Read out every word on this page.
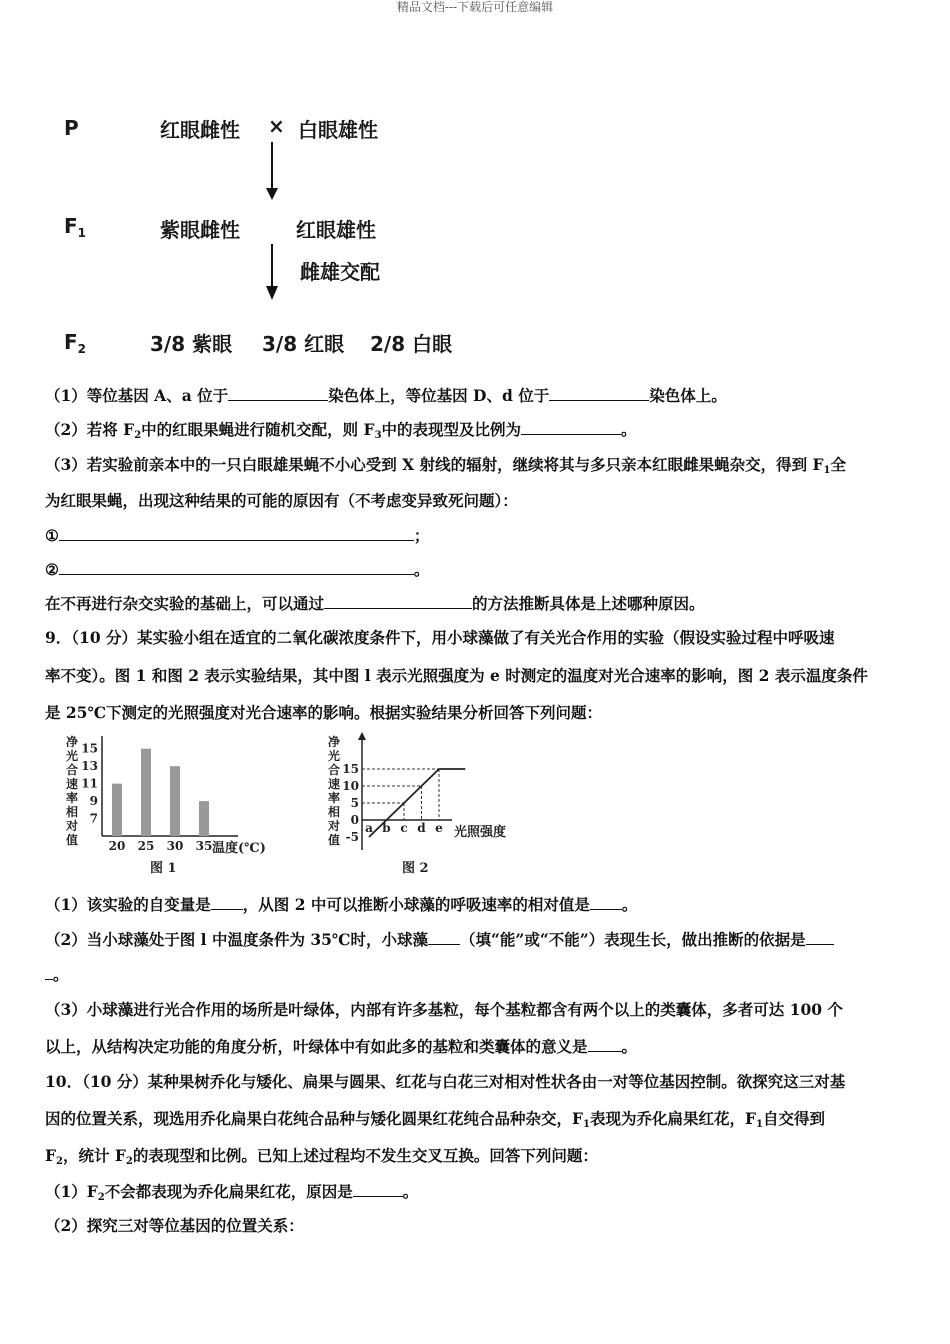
精品文档---下载后可任意编辑
P	红眼雌性 × 白眼雄性
$F_1$	紫眼雌性	红眼雄性
雌雄交配
$F_2$	3/8 紫眼 3/8 红眼 2/8 白眼
（1）等位基因 A、a 位于	染色体上，等位基因 D、d 位于	染色体上。
（2）若将 F2中的红眼果蝇进行随机交配，则 F3中的表现型及比例为	。
（3）若实验前亲本中的一只白眼雄果蝇不小心受到 X 射线的辐射，继续将其与多只亲本红眼雌果蝇杂交，得到 F1全
为红眼果蝇，出现这种结果的可能的原因有（不考虑变异致死问题）：
①	；
②	。
在不再进行杂交实验的基础上，可以通过	的方法推断具体是上述哪种原因。
9．（10 分）某实验小组在适宜的二氧化碳浓度条件下，用小球藻做了有关光合作用的实验（假设实验过程中呼吸速
率不变）。图 1 和图 2 表示实验结果，其中图 l 表示光照强度为 e 时测定的温度对光合速率的影响，图 2 表示温度条件
是 25℃下测定的光照强度对光合速率的影响。根据实验结果分析回答下列问题：
净
光
合
速
率
相
对
值
7
9
11
13
15
20 25 30 35 温度(℃)
图 1
净
光
合
速
率
相
对
值 -5
0
5
10
15
a b c d e 光照强度
图 2
（1）该实验的自变量是 ，从图 2 中可以推断小球藻的呼吸速率的相对值是 。
（2）当小球藻处于图 l 中温度条件为 35℃时，小球藻 （填“能”或“不能”）表现生长，做出推断的依据是
。
（3）小球藻进行光合作用的场所是叶绿体，内部有许多基粒，每个基粒都含有两个以上的类囊体，多者可达 100 个
以上，从结构决定功能的角度分析，叶绿体中有如此多的基粒和类囊体的意义是 。
10．（10 分）某种果树乔化与矮化、扁果与圆果、红花与白花三对相对性状各由一对等位基因控制。欲探究这三对基
因的位置关系，现选用乔化扁果白花纯合品种与矮化圆果红花纯合品种杂交，F1表现为乔化扁果红花，F1自交得到
F2，统计 F2的表现型和比例。已知上述过程均不发生交叉互换。回答下列问题：
（1）F2不会都表现为乔化扁果红花，原因是	。
（2）探究三对等位基因的位置关系：
